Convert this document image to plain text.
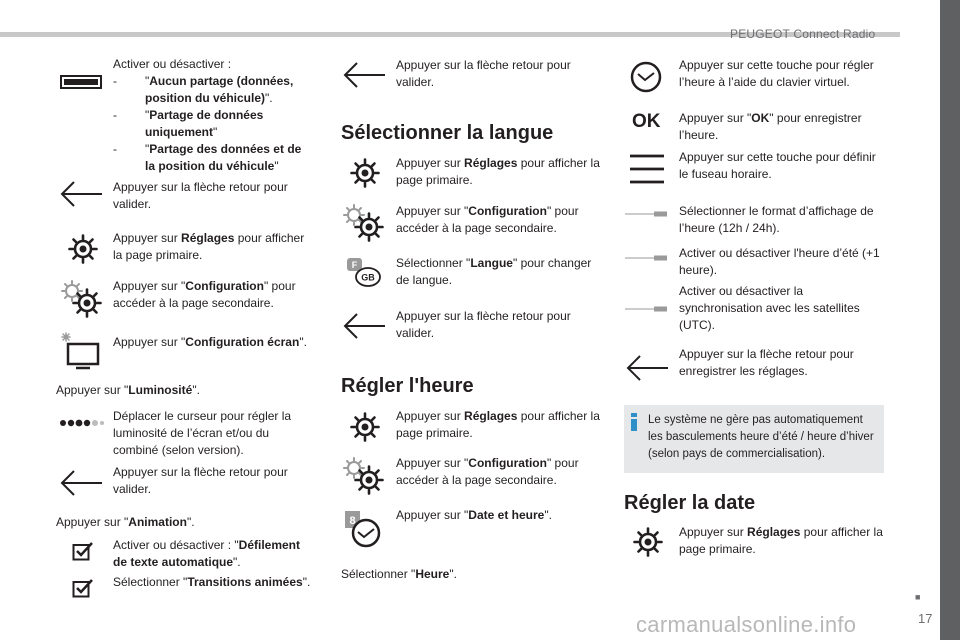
PEUGEOT Connect Radio
■
17
Activer ou désactiver :
-	"Aucun partage (données, position du véhicule)".
-	"Partage de données uniquement"
-	"Partage des données et de la position du véhicule"
Appuyer sur la flèche retour pour valider.
Appuyer sur Réglages pour afficher la page primaire.
Appuyer sur "Configuration" pour accéder à la page secondaire.
Appuyer sur "Configuration écran".
Appuyer sur "Luminosité".
Déplacer le curseur pour régler la luminosité de l’écran et/ou du combiné (selon version).
Appuyer sur la flèche retour pour valider.
Appuyer sur "Animation".
Activer ou désactiver : "Défilement de texte automatique".
Sélectionner "Transitions animées".
Appuyer sur la flèche retour pour valider.
Sélectionner la langue
Appuyer sur Réglages pour afficher la page primaire.
Appuyer sur "Configuration" pour accéder à la page secondaire.
F
GB
Sélectionner "Langue" pour changer de langue.
Appuyer sur la flèche retour pour valider.
Régler l'heure
Appuyer sur Réglages pour afficher la page primaire.
Appuyer sur "Configuration" pour accéder à la page secondaire.
8	Appuyer sur "Date et heure".
Sélectionner "Heure".
Appuyer sur cette touche pour régler l’heure à l’aide du clavier virtuel.
OK Appuyer sur "OK" pour enregistrer l’heure.
Appuyer sur cette touche pour définir le fuseau horaire.
Sélectionner le format d’affichage de l’heure (12h / 24h).
Activer ou désactiver l'heure d’été (+1 heure).
Activer ou désactiver la synchronisation avec les satellites (UTC).
Appuyer sur la flèche retour pour enregistrer les réglages.
Le système ne gère pas automatiquement les basculements heure d’été / heure d’hiver (selon pays de commercialisation).
Régler la date
Appuyer sur Réglages pour afficher la page primaire.
carmanualsonline.info
